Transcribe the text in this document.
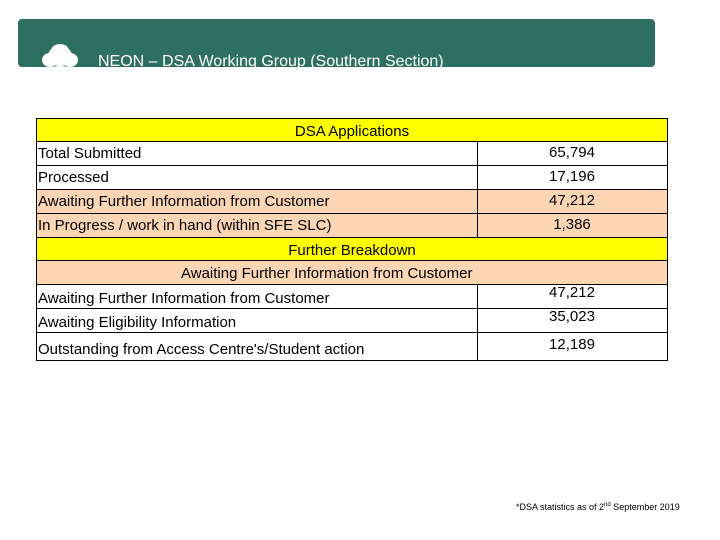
NEON – DSA Working Group (Southern Section)
DSA Applications
Total Submitted	65,794
Processed	17,196
Awaiting Further Information from Customer	47,212
In Progress / work in hand (within SFE SLC)	1,386
Further Breakdown
Awaiting Further Information from Customer
Awaiting Further Information from Customer	47,212
Awaiting Eligibility Information	35,023
Outstanding from Access Centre's/Student action	12,189
*DSA statistics as of 2nd September 2019
